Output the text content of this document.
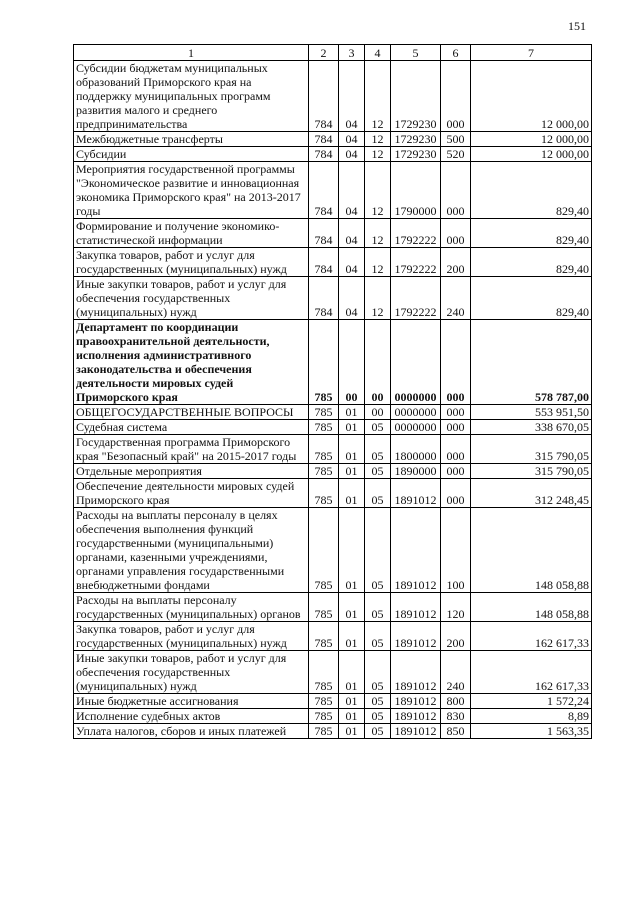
151
1	2	3	4	5	6	7
Субсидии бюджетам муниципальных образований Приморского края на поддержку муниципальных программ развития малого и среднего предпринимательства	784	04	12	1729230	000	12 000,00
Межбюджетные трансферты	784	04	12	1729230	500	12 000,00
Субсидии	784	04	12	1729230	520	12 000,00
Мероприятия государственной программы "Экономическое развитие и инновационная экономика Приморского края" на 2013-2017 годы	784	04	12	1790000	000	829,40
Формирование и получение экономико-статистической информации	784	04	12	1792222	000	829,40
Закупка товаров, работ и услуг для государственных (муниципальных) нужд	784	04	12	1792222	200	829,40
Иные закупки товаров, работ и услуг для обеспечения государственных (муниципальных) нужд	784	04	12	1792222	240	829,40
Департамент по координации правоохранительной деятельности, исполнения административного законодательства и обеспечения деятельности мировых судей Приморского края	785	00	00	0000000	000	578 787,00
ОБЩЕГОСУДАРСТВЕННЫЕ ВОПРОСЫ	785	01	00	0000000	000	553 951,50
Судебная система	785	01	05	0000000	000	338 670,05
Государственная программа Приморского края "Безопасный край" на 2015-2017 годы	785	01	05	1800000	000	315 790,05
Отдельные мероприятия	785	01	05	1890000	000	315 790,05
Обеспечение деятельности мировых судей Приморского края	785	01	05	1891012	000	312 248,45
Расходы на выплаты персоналу в целях обеспечения выполнения функций государственными (муниципальными) органами, казенными учреждениями, органами управления государственными внебюджетными фондами	785	01	05	1891012	100	148 058,88
Расходы на выплаты персоналу государственных (муниципальных) органов	785	01	05	1891012	120	148 058,88
Закупка товаров, работ и услуг для государственных (муниципальных) нужд	785	01	05	1891012	200	162 617,33
Иные закупки товаров, работ и услуг для обеспечения государственных (муниципальных) нужд	785	01	05	1891012	240	162 617,33
Иные бюджетные ассигнования	785	01	05	1891012	800	1 572,24
Исполнение судебных актов	785	01	05	1891012	830	8,89
Уплата налогов, сборов и иных платежей	785	01	05	1891012	850	1 563,35
